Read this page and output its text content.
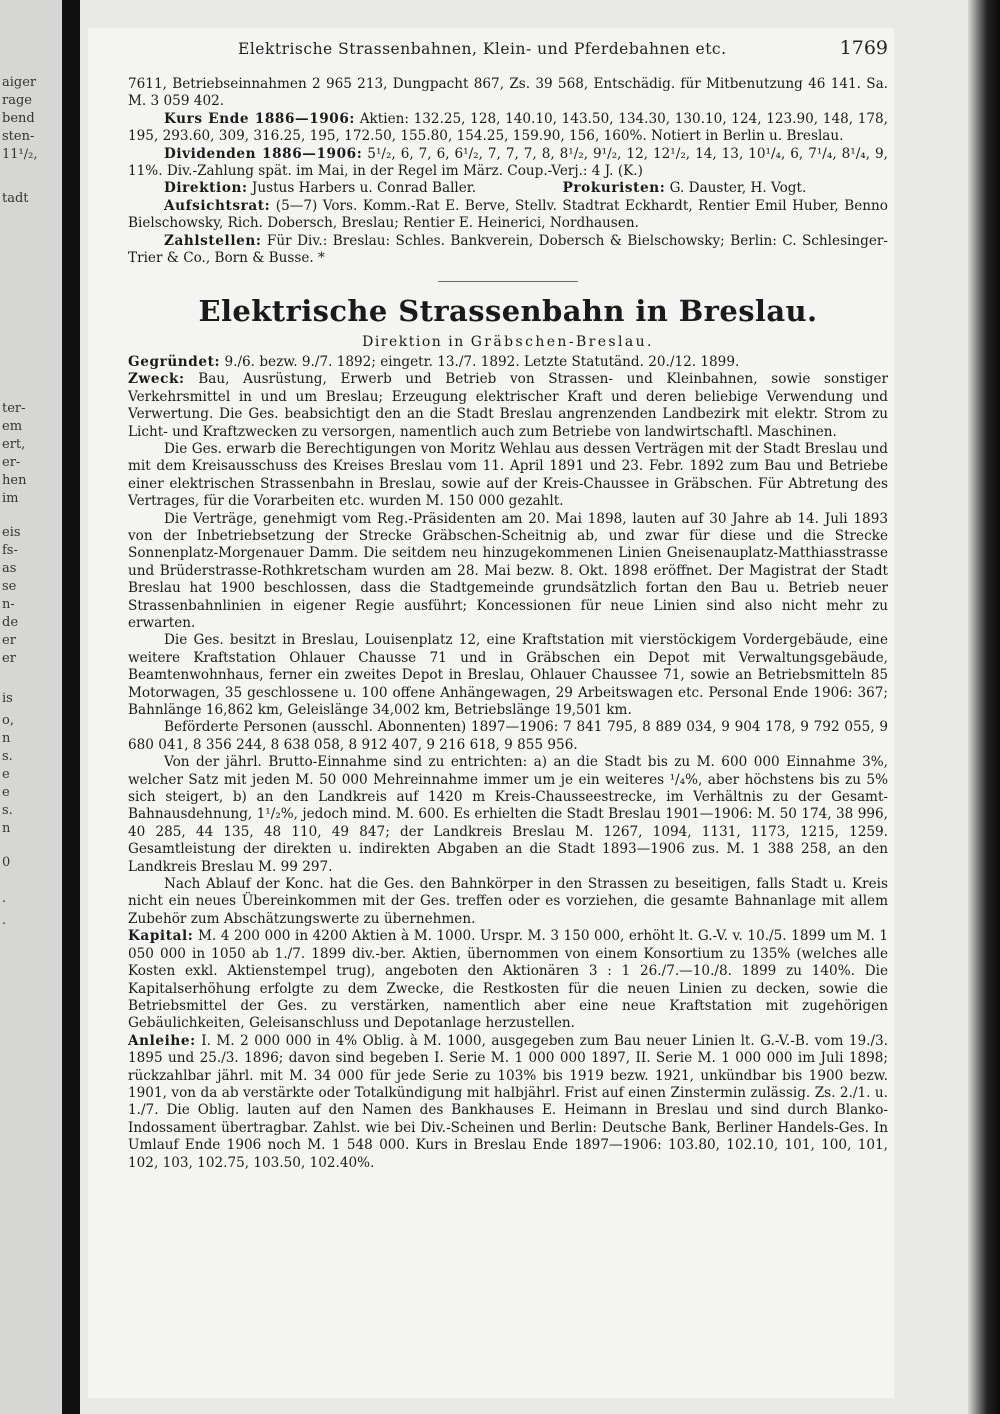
aiger
rage
bend
sten-
11¹/₂,
tadt
ter-
em
ert,
er-
hen
im
eis
fs-
as
se
n-
de
er
er
is
o,
n
s.
e
e
s.
n
0
.
.
Elektrische Strassenbahnen, Klein- und Pferdebahnen etc.	1769

7611, Betriebseinnahmen 2 965 213, Dungpacht 867, Zs. 39 568, Entschädig. für Mitbenutzung 46 141. Sa. M. 3 059 402.

Kurs Ende 1886—1906: Aktien: 132.25, 128, 140.10, 143.50, 134.30, 130.10, 124, 123.90, 148, 178, 195, 293.60, 309, 316.25, 195, 172.50, 155.80, 154.25, 159.90, 156, 160%. Notiert in Berlin u. Breslau.

Dividenden 1886—1906: 5¹/₂, 6, 7, 6, 6¹/₂, 7, 7, 7, 8, 8¹/₂, 9¹/₂, 12, 12¹/₂, 14, 13, 10¹/₄, 6, 7¹/₄, 8¹/₄, 9, 11%. Div.-Zahlung spät. im Mai, in der Regel im März. Coup.-Verj.: 4 J. (K.)

Direktion: Justus Harbers u. Conrad Baller.	Prokuristen: G. Dauster, H. Vogt.

Aufsichtsrat: (5—7) Vors. Komm.-Rat E. Berve, Stellv. Stadtrat Eckhardt, Rentier Emil Huber, Benno Bielschowsky, Rich. Dobersch, Breslau; Rentier E. Heinerici, Nordhausen.

Zahlstellen: Für Div.: Breslau: Schles. Bankverein, Dobersch & Bielschowsky; Berlin: C. Schlesinger-Trier & Co., Born & Busse. *

Elektrische Strassenbahn in Breslau.
Direktion in Gräbschen-Breslau.

Gegründet: 9./6. bezw. 9./7. 1892; eingetr. 13./7. 1892. Letzte Statutänd. 20./12. 1899.

Zweck: Bau, Ausrüstung, Erwerb und Betrieb von Strassen- und Kleinbahnen, sowie sonstiger Verkehrsmittel in und um Breslau; Erzeugung elektrischer Kraft und deren beliebige Verwendung und Verwertung. Die Ges. beabsichtigt den an die Stadt Breslau angrenzenden Landbezirk mit elektr. Strom zu Licht- und Kraftzwecken zu versorgen, namentlich auch zum Betriebe von landwirtschaftl. Maschinen.

Die Ges. erwarb die Berechtigungen von Moritz Wehlau aus dessen Verträgen mit der Stadt Breslau und mit dem Kreisausschuss des Kreises Breslau vom 11. April 1891 und 23. Febr. 1892 zum Bau und Betriebe einer elektrischen Strassenbahn in Breslau, sowie auf der Kreis-Chaussee in Gräbschen. Für Abtretung des Vertrages, für die Vorarbeiten etc. wurden M. 150 000 gezahlt.

Die Verträge, genehmigt vom Reg.-Präsidenten am 20. Mai 1898, lauten auf 30 Jahre ab 14. Juli 1893 von der Inbetriebsetzung der Strecke Gräbschen-Scheitnig ab, und zwar für diese und die Strecke Sonnenplatz-Morgenauer Damm. Die seitdem neu hinzugekommenen Linien Gneisenauplatz-Matthiasstrasse und Brüderstrasse-Rothkretscham wurden am 28. Mai bezw. 8. Okt. 1898 eröffnet. Der Magistrat der Stadt Breslau hat 1900 beschlossen, dass die Stadtgemeinde grundsätzlich fortan den Bau u. Betrieb neuer Strassenbahnlinien in eigener Regie ausführt; Koncessionen für neue Linien sind also nicht mehr zu erwarten.

Die Ges. besitzt in Breslau, Louisenplatz 12, eine Kraftstation mit vierstöckigem Vordergebäude, eine weitere Kraftstation Ohlauer Chausse 71 und in Gräbschen ein Depot mit Verwaltungsgebäude, Beamtenwohnhaus, ferner ein zweites Depot in Breslau, Ohlauer Chaussee 71, sowie an Betriebsmitteln 85 Motorwagen, 35 geschlossene u. 100 offene Anhängewagen, 29 Arbeitswagen etc. Personal Ende 1906: 367; Bahnlänge 16,862 km, Geleislänge 34,002 km, Betriebslänge 19,501 km.

Beförderte Personen (ausschl. Abonnenten) 1897—1906: 7 841 795, 8 889 034, 9 904 178, 9 792 055, 9 680 041, 8 356 244, 8 638 058, 8 912 407, 9 216 618, 9 855 956.

Von der jährl. Brutto-Einnahme sind zu entrichten: a) an die Stadt bis zu M. 600 000 Einnahme 3%, welcher Satz mit jeden M. 50 000 Mehreinnahme immer um je ein weiteres ¹/₄%, aber höchstens bis zu 5% sich steigert, b) an den Landkreis auf 1420 m Kreis-Chausseestrecke, im Verhältnis zu der Gesamt-Bahnausdehnung, 1¹/₂%, jedoch mind. M. 600. Es erhielten die Stadt Breslau 1901—1906: M. 50 174, 38 996, 40 285, 44 135, 48 110, 49 847; der Landkreis Breslau M. 1267, 1094, 1131, 1173, 1215, 1259. Gesamtleistung der direkten u. indirekten Abgaben an die Stadt 1893—1906 zus. M. 1 388 258, an den Landkreis Breslau M. 99 297.

Nach Ablauf der Konc. hat die Ges. den Bahnkörper in den Strassen zu beseitigen, falls Stadt u. Kreis nicht ein neues Übereinkommen mit der Ges. treffen oder es vorziehen, die gesamte Bahnanlage mit allem Zubehör zum Abschätzungswerte zu übernehmen.

Kapital: M. 4 200 000 in 4200 Aktien à M. 1000. Urspr. M. 3 150 000, erhöht lt. G.-V. v. 10./5. 1899 um M. 1 050 000 in 1050 ab 1./7. 1899 div.-ber. Aktien, übernommen von einem Konsortium zu 135% (welches alle Kosten exkl. Aktienstempel trug), angeboten den Aktionären 3 : 1 26./7.—10./8. 1899 zu 140%. Die Kapitalserhöhung erfolgte zu dem Zwecke, die Restkosten für die neuen Linien zu decken, sowie die Betriebsmittel der Ges. zu verstärken, namentlich aber eine neue Kraftstation mit zugehörigen Gebäulichkeiten, Geleisanschluss und Depotanlage herzustellen.

Anleihe: I. M. 2 000 000 in 4% Oblig. à M. 1000, ausgegeben zum Bau neuer Linien lt. G.-V.-B. vom 19./3. 1895 und 25./3. 1896; davon sind begeben I. Serie M. 1 000 000 1897, II. Serie M. 1 000 000 im Juli 1898; rückzahlbar jährl. mit M. 34 000 für jede Serie zu 103% bis 1919 bezw. 1921, unkündbar bis 1900 bezw. 1901, von da ab verstärkte oder Totalkündigung mit halbjährl. Frist auf einen Zinstermin zulässig. Zs. 2./1. u. 1./7. Die Oblig. lauten auf den Namen des Bankhauses E. Heimann in Breslau und sind durch Blanko-Indossament übertragbar. Zahlst. wie bei Div.-Scheinen und Berlin: Deutsche Bank, Berliner Handels-Ges. In Umlauf Ende 1906 noch M. 1 548 000. Kurs in Breslau Ende 1897—1906: 103.80, 102.10, 101, 100, 101, 102, 103, 102.75, 103.50, 102.40%.
